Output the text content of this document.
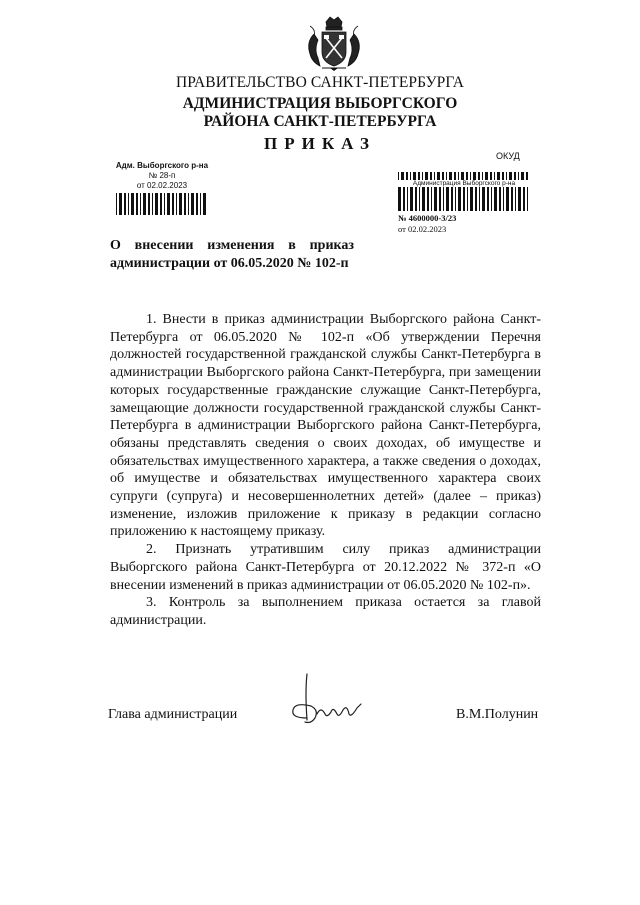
ПРАВИТЕЛЬСТВО САНКТ-ПЕТЕРБУРГА
АДМИНИСТРАЦИЯ ВЫБОРГСКОГО
РАЙОНА САНКТ-ПЕТЕРБУРГА
ПРИКАЗ
ОКУД
Адм. Выборгского р-на
№ 28-п
от 02.02.2023	Администрация Выборгского р-на
№ 4600000-3/23
от 02.02.2023
О внесении изменения в приказ
администрации от 06.05.2020 № 102-п

1. Внести в приказ администрации Выборгского района Санкт-Петербурга от 06.05.2020 № 102-п «Об утверждении Перечня должностей государственной гражданской службы Санкт-Петербурга в администрации Выборгского района Санкт-Петербурга, при замещении которых государственные гражданские служащие Санкт-Петербурга, замещающие должности государственной гражданской службы Санкт-Петербурга в администрации Выборгского района Санкт-Петербурга, обязаны представлять сведения о своих доходах, об имуществе и обязательствах имущественного характера, а также сведения о доходах, об имуществе и обязательствах имущественного характера своих супруги (супруга) и несовершеннолетних детей» (далее – приказ) изменение, изложив приложение к приказу в редакции согласно приложению к настоящему приказу.

2. Признать утратившим силу приказ администрации Выборгского района Санкт-Петербурга от 20.12.2022 № 372-п «О внесении изменений в приказ администрации от 06.05.2020 № 102-п».

3. Контроль за выполнением приказа остается за главой администрации.

Глава администрации	В.М.Полунин
